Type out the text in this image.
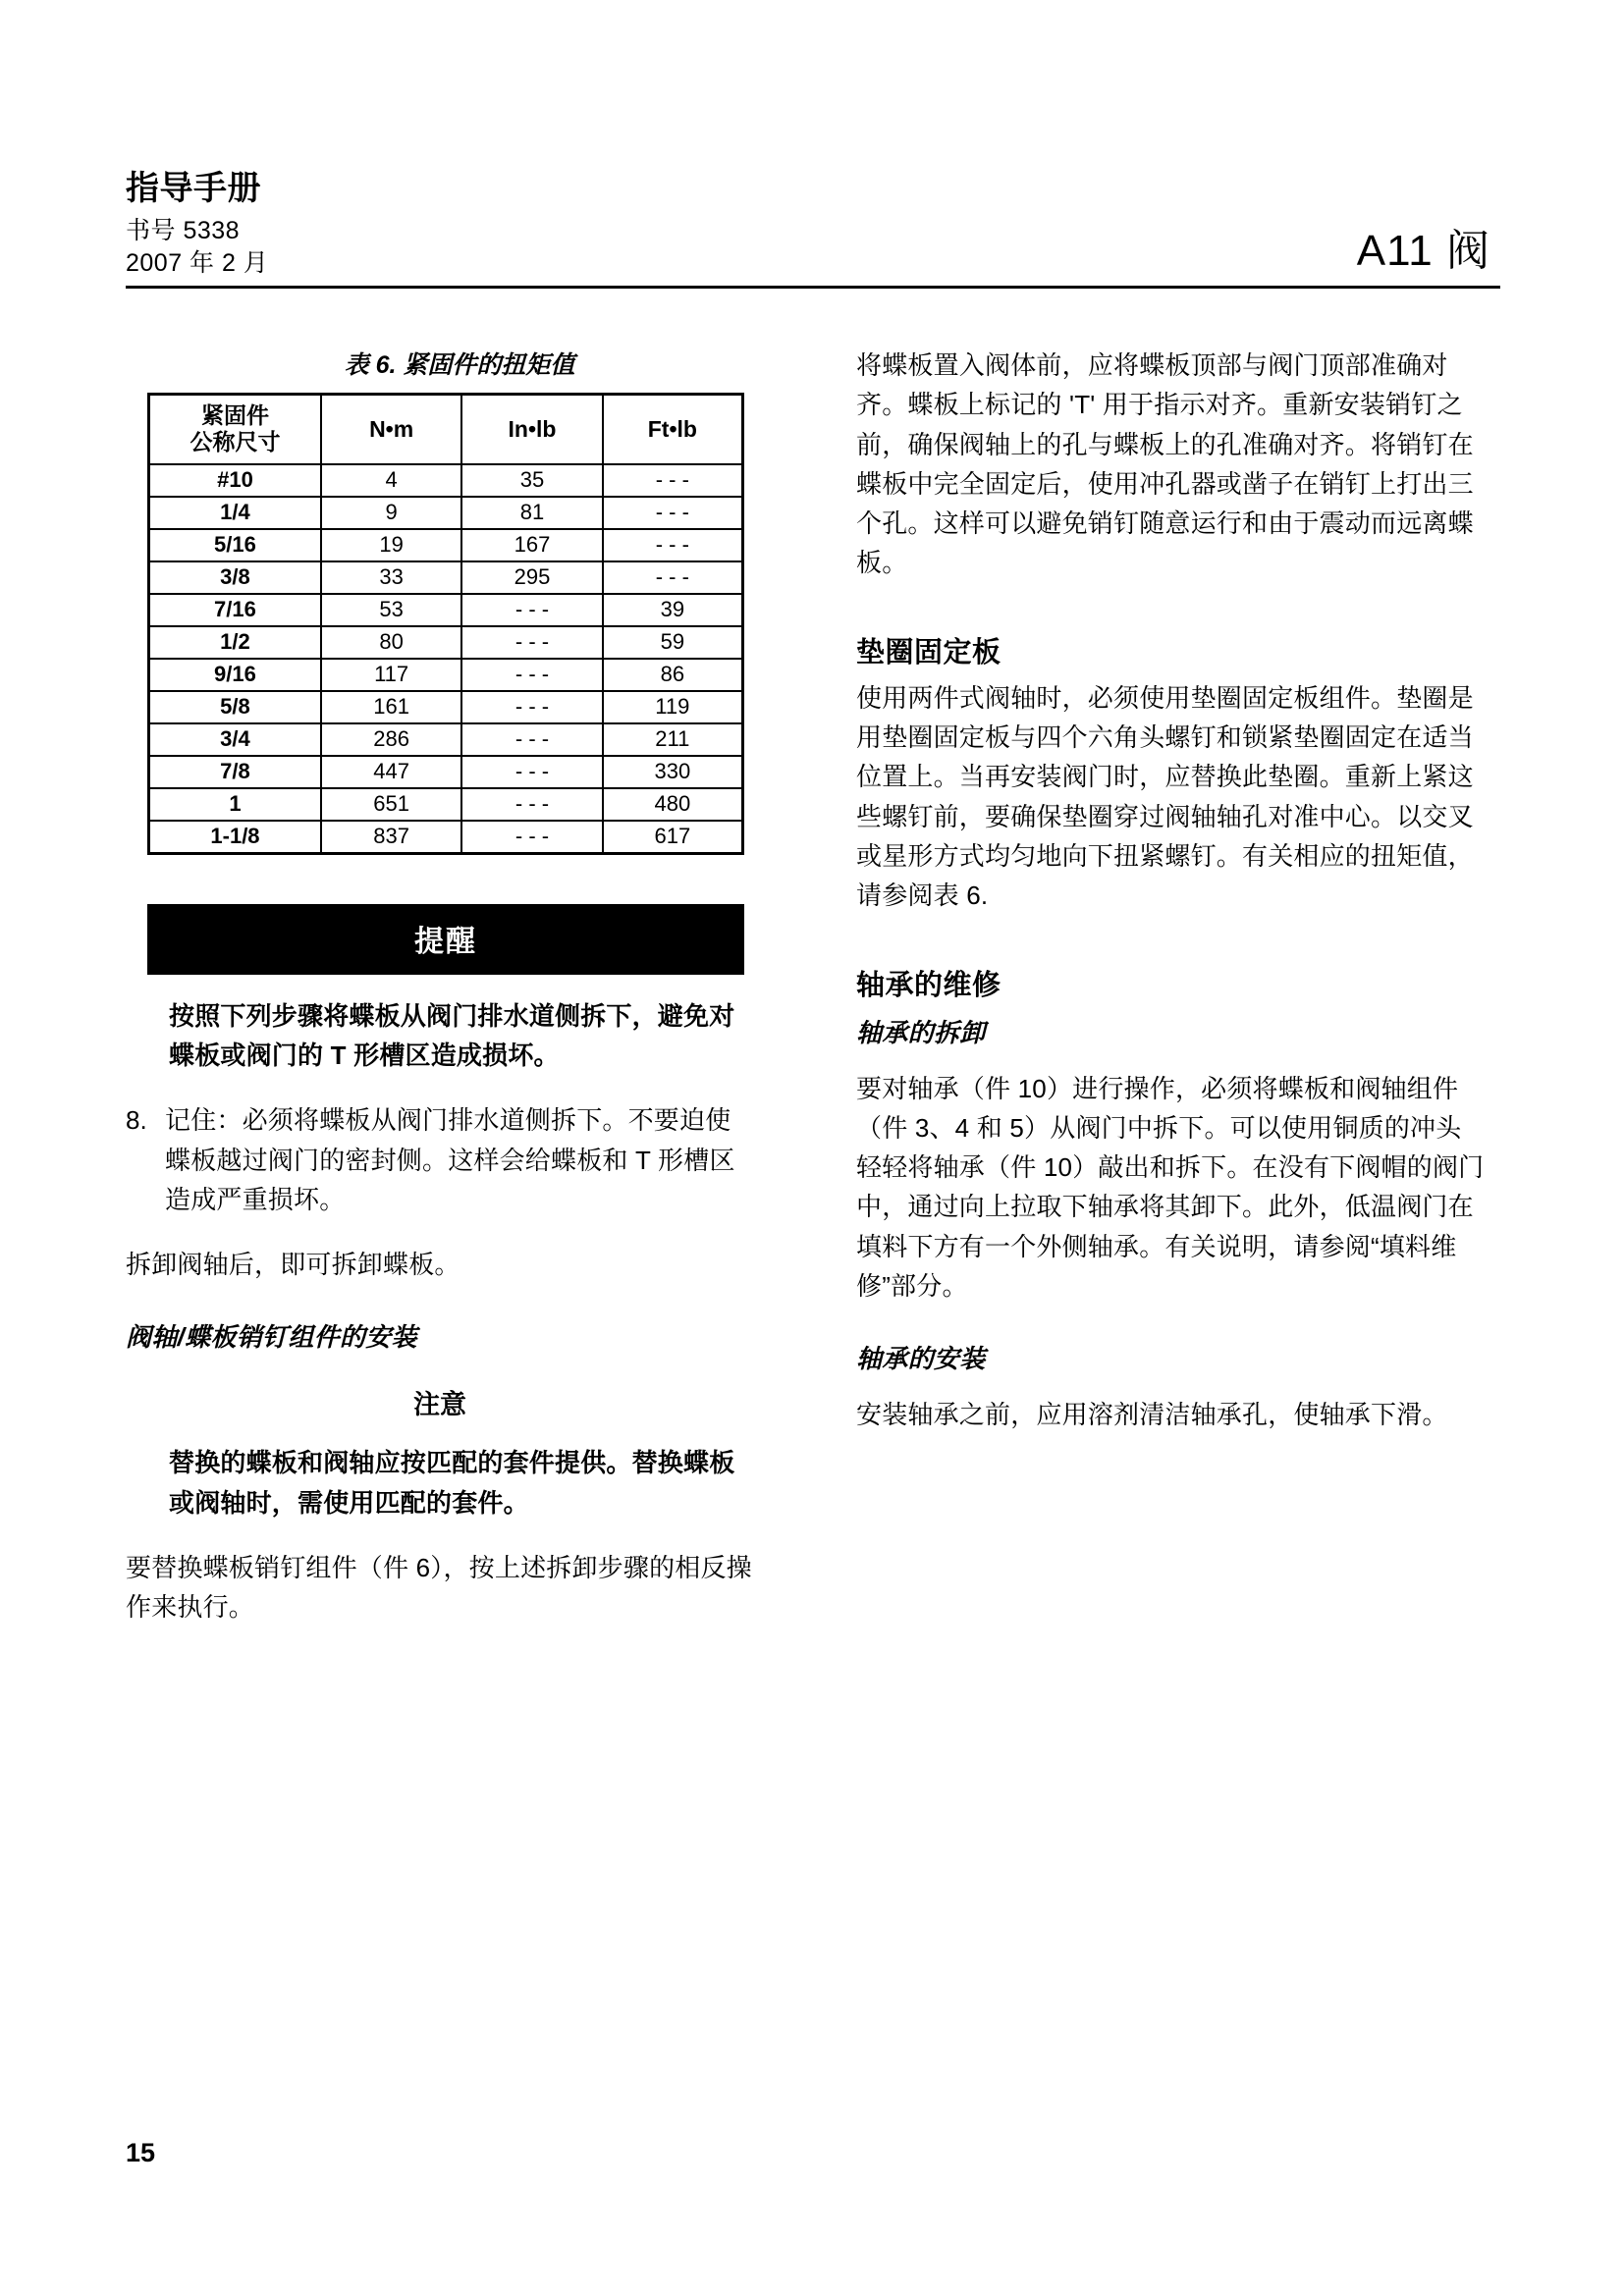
指导手册
书号 5338
2007 年 2 月	A11 阀
表 6. 紧固件的扭矩值
紧固件
公称尺寸	N•m	In•lb	Ft•lb
#10	4	35	- - -
1/4	9	81	- - -
5/16	19	167	- - -
3/8	33	295	- - -
7/16	53	- - -	39
1/2	80	- - -	59
9/16	117	- - -	86
5/8	161	- - -	119
3/4	286	- - -	211
7/8	447	- - -	330
1	651	- - -	480
1-1/8	837	- - -	617
提醒
按照下列步骤将蝶板从阀门排水道侧拆下，避免对蝶板或阀门的 T 形槽区造成损坏。
8. 记住：必须将蝶板从阀门排水道侧拆下。不要迫使蝶板越过阀门的密封侧。这样会给蝶板和 T 形槽区造成严重损坏。

拆卸阀轴后，即可拆卸蝶板。

阀轴/蝶板销钉组件的安装
注意
替换的蝶板和阀轴应按匹配的套件提供。替换蝶板或阀轴时，需使用匹配的套件。

要替换蝶板销钉组件（件 6），按上述拆卸步骤的相反操作来执行。

将蝶板置入阀体前，应将蝶板顶部与阀门顶部准确对齐。蝶板上标记的 'T' 用于指示对齐。重新安装销钉之前，确保阀轴上的孔与蝶板上的孔准确对齐。将销钉在蝶板中完全固定后，使用冲孔器或凿子在销钉上打出三个孔。这样可以避免销钉随意运行和由于震动而远离蝶板。

垫圈固定板

使用两件式阀轴时，必须使用垫圈固定板组件。垫圈是用垫圈固定板与四个六角头螺钉和锁紧垫圈固定在适当位置上。当再安装阀门时，应替换此垫圈。重新上紧这些螺钉前，要确保垫圈穿过阀轴轴孔对准中心。以交叉或星形方式均匀地向下扭紧螺钉。有关相应的扭矩值，请参阅表 6.

轴承的维修
轴承的拆卸

要对轴承（件 10）进行操作，必须将蝶板和阀轴组件（件 3、4 和 5）从阀门中拆下。可以使用铜质的冲头轻轻将轴承（件 10）敲出和拆下。在没有下阀帽的阀门中，通过向上拉取下轴承将其卸下。此外，低温阀门在填料下方有一个外侧轴承。有关说明，请参阅“填料维修”部分。

轴承的安装

安装轴承之前，应用溶剂清洁轴承孔，使轴承下滑。

15
